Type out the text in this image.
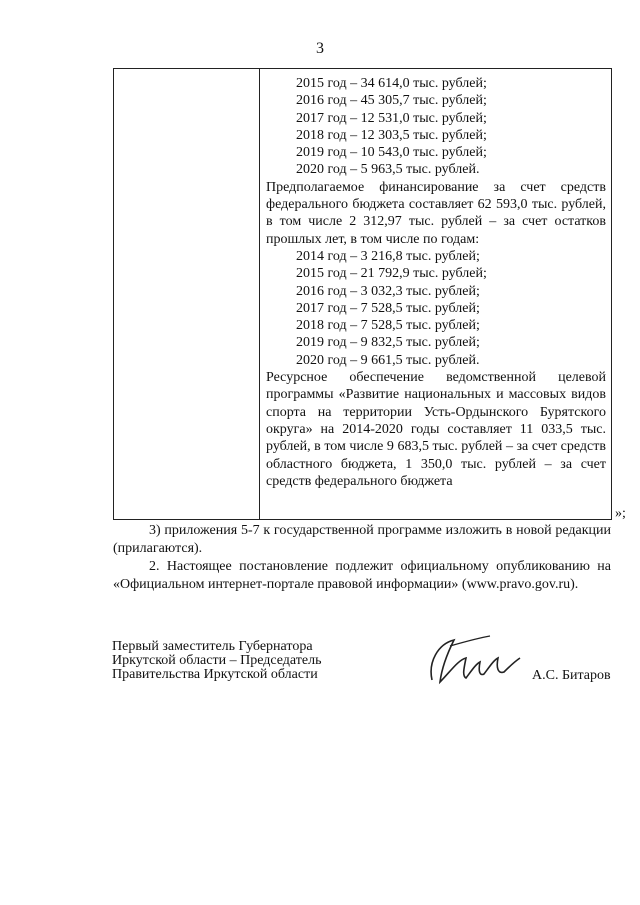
3
2015 год – 34 614,0 тыс. рублей;
2016 год – 45 305,7 тыс. рублей;
2017 год – 12 531,0 тыс. рублей;
2018 год – 12 303,5 тыс. рублей;
2019 год – 10 543,0 тыс. рублей;
2020 год – 5 963,5 тыс. рублей.
Предполагаемое финансирование за счет средств федерального бюджета составляет 62 593,0 тыс. рублей, в том числе 2 312,97 тыс. рублей – за счет остатков прошлых лет, в том числе по годам:
2014 год – 3 216,8 тыс. рублей;
2015 год – 21 792,9 тыс. рублей;
2016 год – 3 032,3 тыс. рублей;
2017 год – 7 528,5 тыс. рублей;
2018 год – 7 528,5 тыс. рублей;
2019 год – 9 832,5 тыс. рублей;
2020 год – 9 661,5 тыс. рублей.
Ресурсное обеспечение ведомственной целевой программы «Развитие национальных и массовых видов спорта на территории Усть-Ордынского Бурятского округа» на 2014-2020 годы составляет 11 033,5 тыс. рублей, в том числе 9 683,5 тыс. рублей – за счет средств областного бюджета, 1 350,0 тыс. рублей – за счет средств федерального бюджета
»;
3) приложения 5-7 к государственной программе изложить в новой редакции (прилагаются).
2. Настоящее постановление подлежит официальному опубликованию на «Официальном интернет-портале правовой информации» (www.pravo.gov.ru).
Первый заместитель Губернатора
Иркутской области – Председатель
Правительства Иркутской области	А.С. Битаров
